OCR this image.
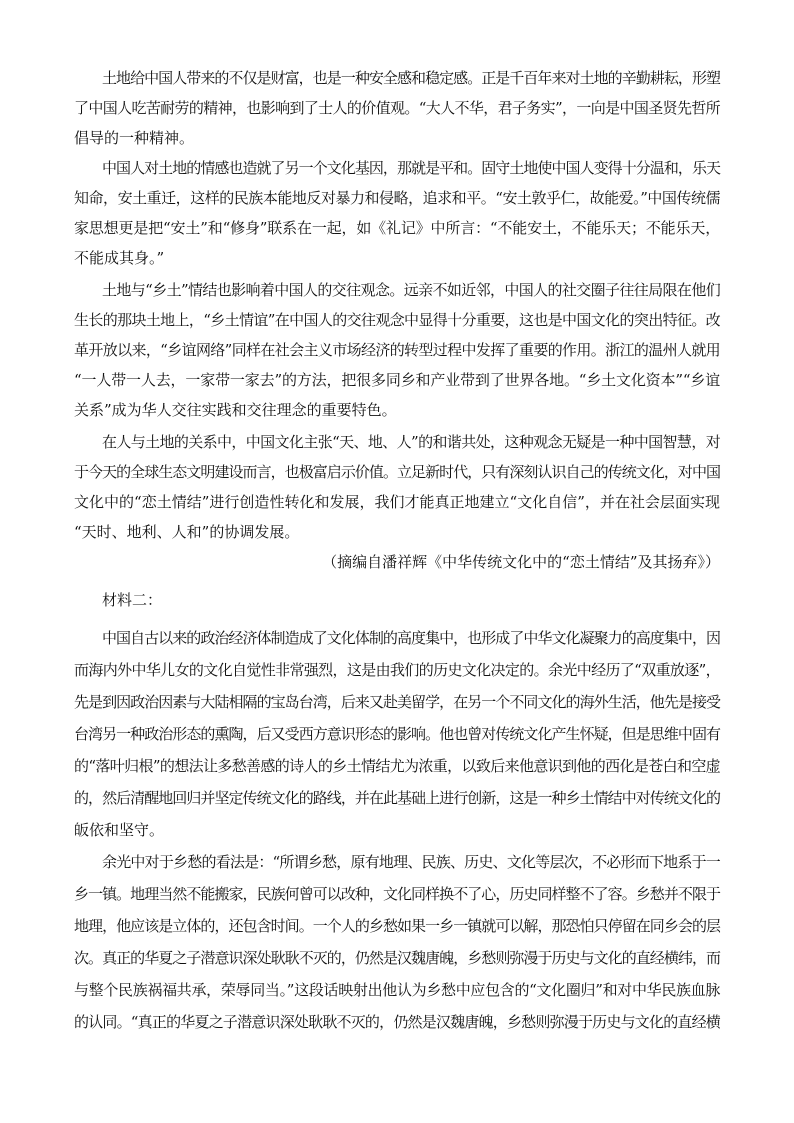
土地给中国人带来的不仅是财富，也是一种安全感和稳定感。正是千百年来对土地的辛勤耕耘，形塑
了中国人吃苦耐劳的精神，也影响到了士人的价值观。“大人不华，君子务实”，一向是中国圣贤先哲所
倡导的一种精神。
中国人对土地的情感也造就了另一个文化基因，那就是平和。固守土地使中国人变得十分温和，乐天
知命，安土重迁，这样的民族本能地反对暴力和侵略，追求和平。“安土敦乎仁，故能爱。”中国传统儒
家思想更是把“安土”和“修身”联系在一起，如《礼记》中所言：“不能安土，不能乐天；不能乐天，
不能成其身。”
土地与“乡土”情结也影响着中国人的交往观念。远亲不如近邻，中国人的社交圈子往往局限在他们
生长的那块土地上，“乡土情谊”在中国人的交往观念中显得十分重要，这也是中国文化的突出特征。改
革开放以来，“乡谊网络”同样在社会主义市场经济的转型过程中发挥了重要的作用。浙江的温州人就用
“一人带一人去，一家带一家去”的方法，把很多同乡和产业带到了世界各地。“乡土文化资本”“乡谊
关系”成为华人交往实践和交往理念的重要特色。
在人与土地的关系中，中国文化主张“天、地、人”的和谐共处，这种观念无疑是一种中国智慧，对
于今天的全球生态文明建设而言，也极富启示价值。立足新时代，只有深刻认识自己的传统文化，对中国
文化中的“恋土情结”进行创造性转化和发展，我们才能真正地建立“文化自信”，并在社会层面实现
“天时、地利、人和”的协调发展。
（摘编自潘祥辉《中华传统文化中的“恋土情结”及其扬弃》）
材料二：
中国自古以来的政治经济体制造成了文化体制的高度集中，也形成了中华文化凝聚力的高度集中，因
而海内外中华儿女的文化自觉性非常强烈，这是由我们的历史文化决定的。余光中经历了“双重放逐”，
先是到因政治因素与大陆相隔的宝岛台湾，后来又赴美留学，在另一个不同文化的海外生活，他先是接受
台湾另一种政治形态的熏陶，后又受西方意识形态的影响。他也曾对传统文化产生怀疑，但是思维中固有
的“落叶归根”的想法让多愁善感的诗人的乡土情结尤为浓重，以致后来他意识到他的西化是苍白和空虚
的，然后清醒地回归并坚定传统文化的路线，并在此基础上进行创新，这是一种乡土情结中对传统文化的
皈依和坚守。
余光中对于乡愁的看法是：“所谓乡愁，原有地理、民族、历史、文化等层次，不必形而下地系于一
乡一镇。地理当然不能搬家，民族何曾可以改种，文化同样换不了心，历史同样整不了容。乡愁并不限于
地理，他应该是立体的，还包含时间。一个人的乡愁如果一乡一镇就可以解，那恐怕只停留在同乡会的层
次。真正的华夏之子潜意识深处耿耿不灭的，仍然是汉魏唐魄，乡愁则弥漫于历史与文化的直经横纬，而
与整个民族祸福共承，荣辱同当。”这段话映射出他认为乡愁中应包含的“文化圈归”和对中华民族血脉
的认同。“真正的华夏之子潜意识深处耿耿不灭的，仍然是汉魏唐魄，乡愁则弥漫于历史与文化的直经横
